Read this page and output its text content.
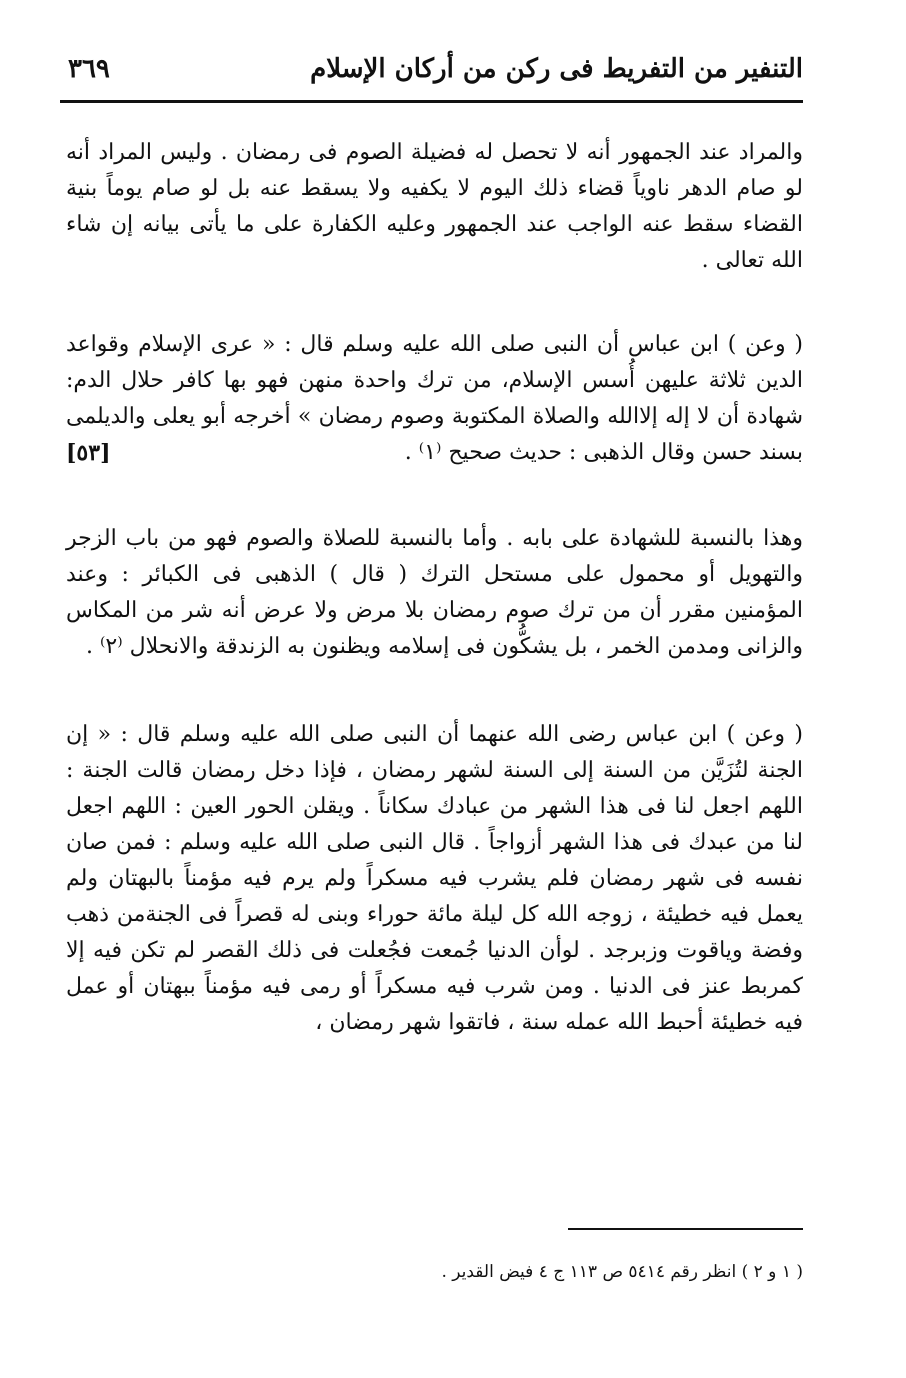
التنفير من التفريط فى ركن من أركان الإسلام
٣٦٩

والمراد عند الجمهور أنه لا تحصل له فضيلة الصوم فى رمضان . وليس المراد أنه لو صام الدهر ناوياً قضاء ذلك اليوم لا يكفيه ولا يسقط عنه بل لو صام يوماً بنية القضاء سقط عنه الواجب عند الجمهور وعليه الكفارة على ما يأتى بيانه إن شاء الله تعالى .

( وعن ) ابن عباس أن النبى صلى الله عليه وسلم قال : « عرى الإسلام وقواعد الدين ثلاثة عليهن أُسس الإسلام، من ترك واحدة منهن فهو بها كافر حلال الدم: شهادة أن لا إله إلاالله والصلاة المكتوبة وصوم رمضان » أخرجه أبو يعلى والديلمى بسند حسن وقال الذهبى : حديث صحيح ⁽١⁾ .
[٥٣]

وهذا بالنسبة للشهادة على بابه . وأما بالنسبة للصلاة والصوم فهو من باب الزجر والتهويل أو محمول على مستحل الترك ( قال ) الذهبى فى الكبائر : وعند المؤمنين مقرر أن من ترك صوم رمضان بلا مرض ولا عرض أنه شر من المكاس والزانى ومدمن الخمر ، بل يشكُّون فى إسلامه ويظنون به الزندقة والانحلال ⁽٢⁾ .

( وعن ) ابن عباس رضى الله عنهما أن النبى صلى الله عليه وسلم قال : « إن الجنة لتُزَيَّن من السنة إلى السنة لشهر رمضان ، فإذا دخل رمضان قالت الجنة : اللهم اجعل لنا فى هذا الشهر من عبادك سكاناً . ويقلن الحور العين : اللهم اجعل لنا من عبدك فى هذا الشهر أزواجاً . قال النبى صلى الله عليه وسلم : فمن صان نفسه فى شهر رمضان فلم يشرب فيه مسكراً ولم يرم فيه مؤمناً بالبهتان ولم يعمل فيه خطيئة ، زوجه الله كل ليلة مائة حوراء وبنى له قصراً فى الجنةمن ذهب وفضة وياقوت وزبرجد . لوأن الدنيا جُمعت فجُعلت فى ذلك القصر لم تكن فيه إلا كمربط عنز فى الدنيا . ومن شرب فيه مسكراً أو رمى فيه مؤمناً ببهتان أو عمل فيه خطيئة أحبط الله عمله سنة ، فاتقوا شهر رمضان ،

( ١ و ٢ ) انظر رقم ٥٤١٤ ص ١١٣ ج ٤ فيض القدير .
